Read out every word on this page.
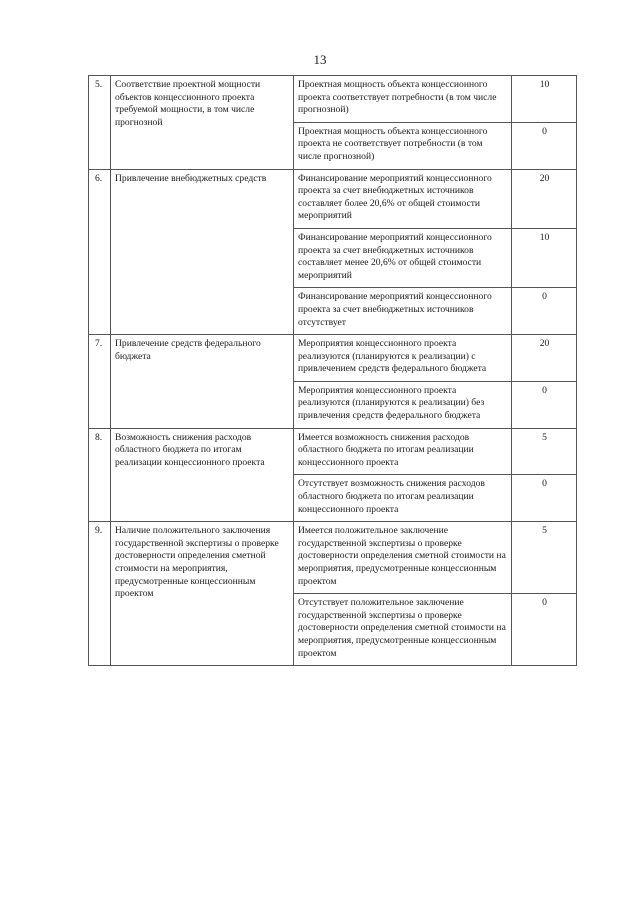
13
5.	Соответствие проектной мощности объектов концессионного проекта требуемой мощности, в том числе прогнозной	Проектная мощность объекта концессионного проекта соответствует потребности (в том числе прогнозной)	10
		Проектная мощность объекта концессионного проекта не соответствует потребности (в том числе прогнозной)	0
6.	Привлечение внебюджетных средств	Финансирование мероприятий концессионного проекта за счет внебюджетных источников составляет более 20,6% от общей стоимости мероприятий	20
		Финансирование мероприятий концессионного проекта за счет внебюджетных источников составляет менее 20,6% от общей стоимости мероприятий	10
		Финансирование мероприятий концессионного проекта за счет внебюджетных источников отсутствует	0
7.	Привлечение средств федерального бюджета	Мероприятия концессионного проекта реализуются (планируются к реализации) с привлечением средств федерального бюджета	20
		Мероприятия концессионного проекта реализуются (планируются к реализации) без привлечения средств федерального бюджета	0
8.	Возможность снижения расходов областного бюджета по итогам реализации концессионного проекта	Имеется возможность снижения расходов областного бюджета по итогам реализации концессионного проекта	5
		Отсутствует возможность снижения расходов областного бюджета по итогам реализации концессионного проекта	0
9.	Наличие положительного заключения государственной экспертизы о проверке достоверности определения сметной стоимости на мероприятия, предусмотренные концессионным проектом	Имеется положительное заключение государственной экспертизы о проверке достоверности определения сметной стоимости на мероприятия, предусмотренные концессионным проектом	5
		Отсутствует положительное заключение государственной экспертизы о проверке достоверности определения сметной стоимости на мероприятия, предусмотренные концессионным проектом	0
